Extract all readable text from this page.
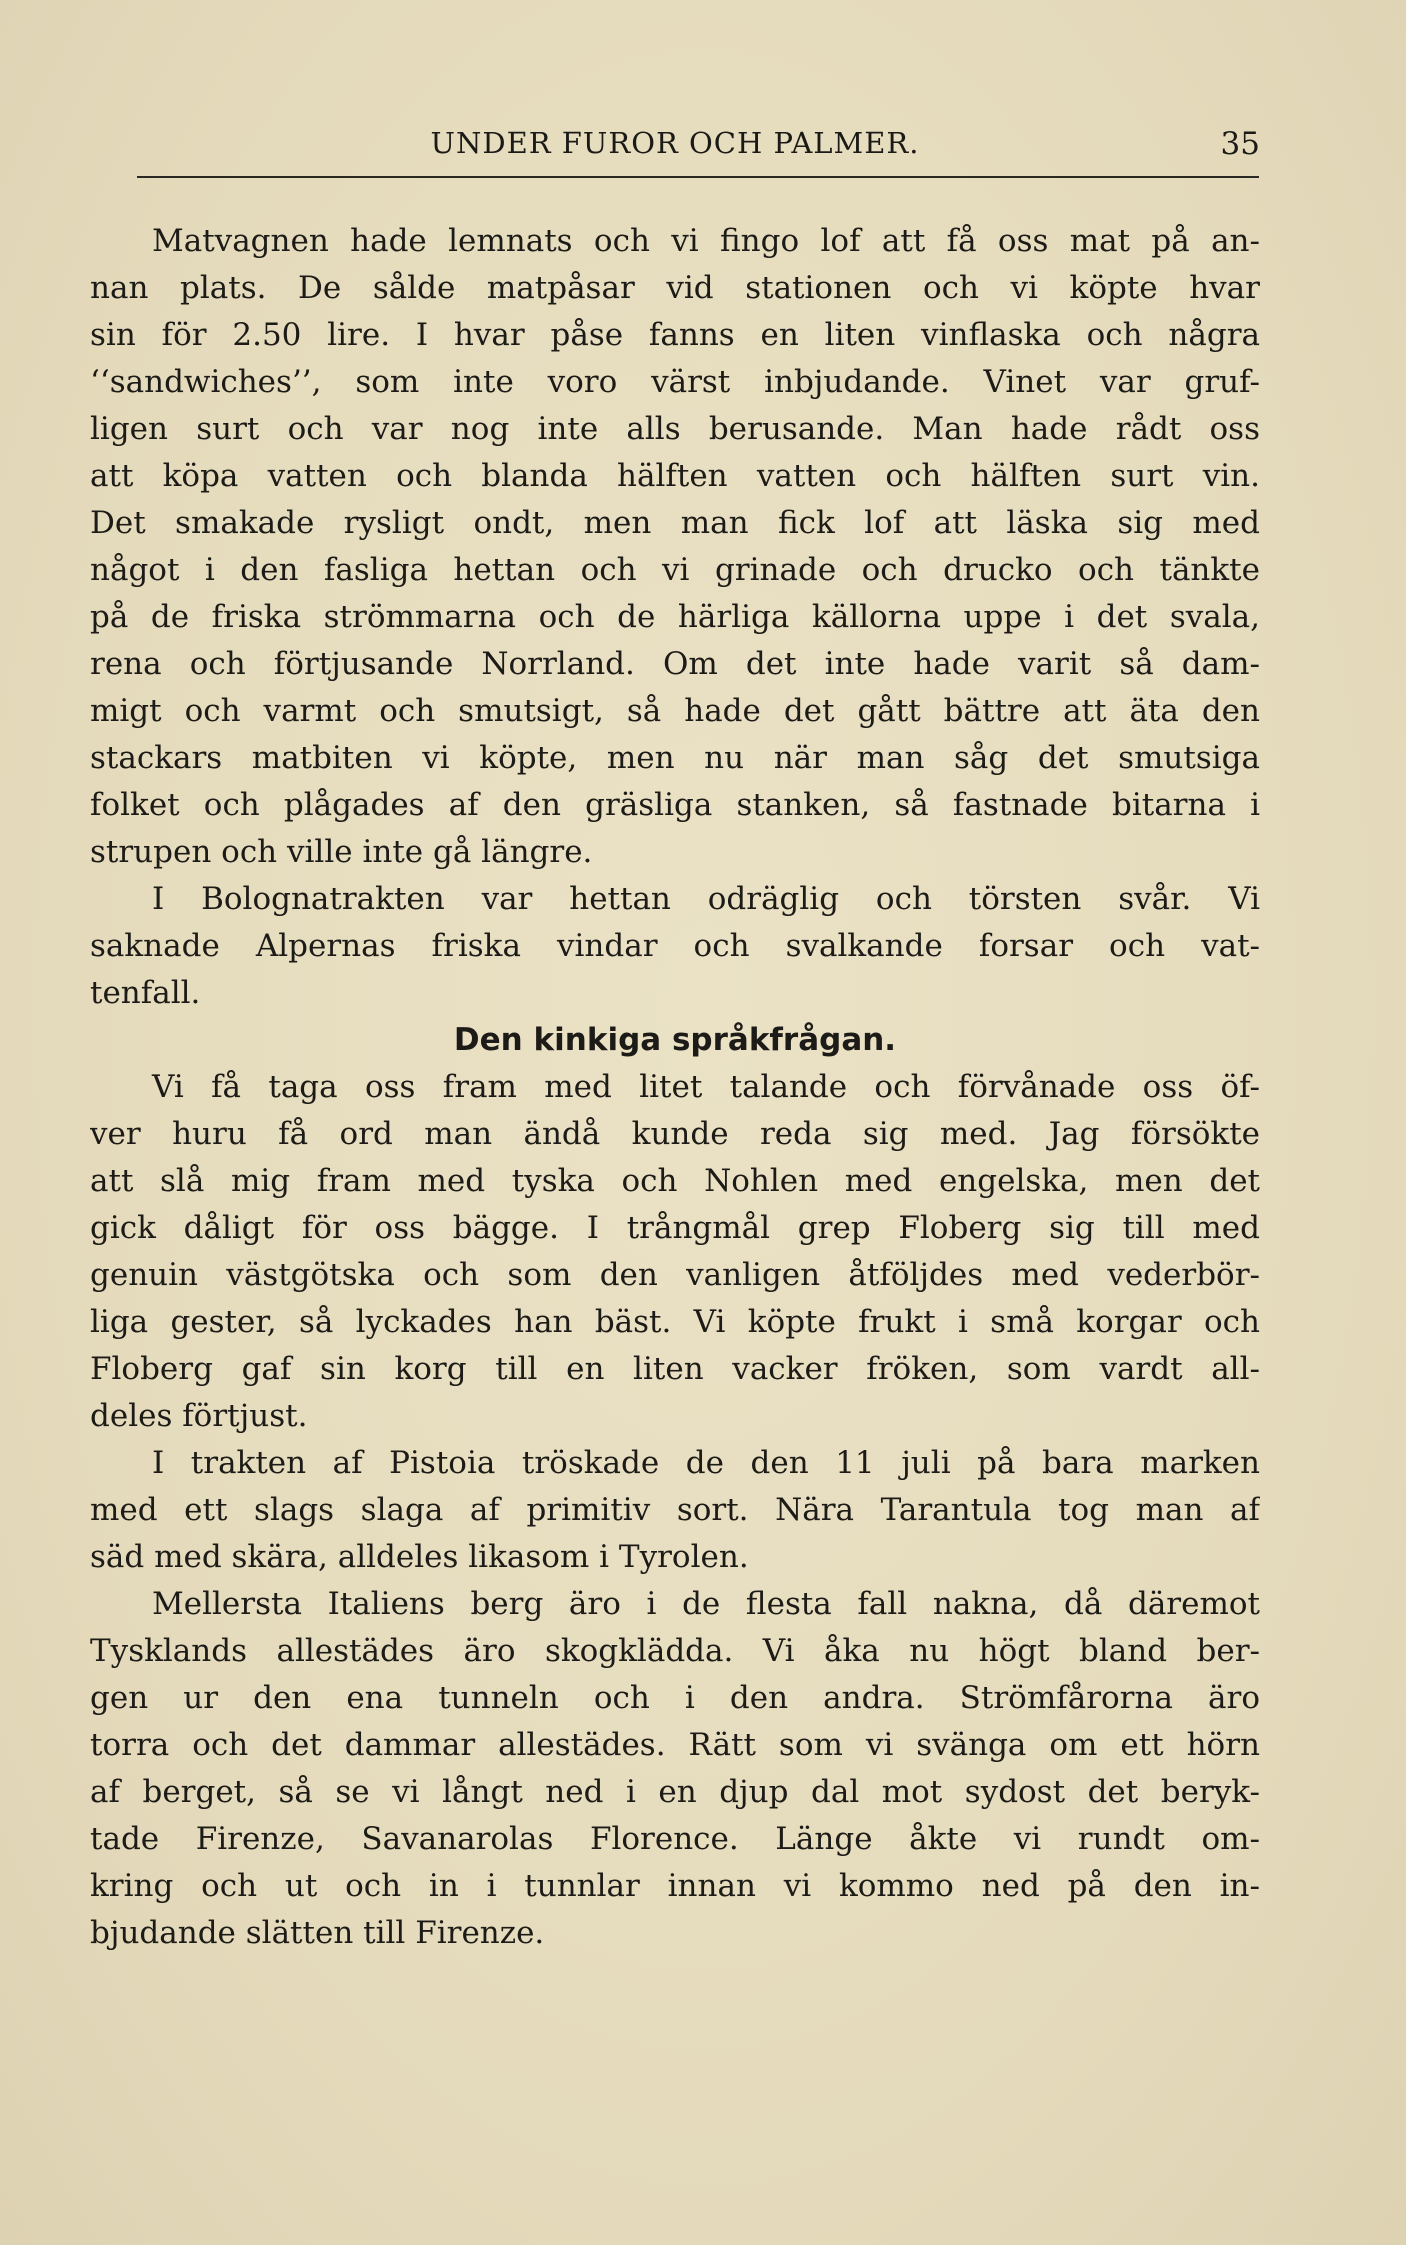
UNDER FUROR OCH PALMER.	35
Matvagnen hade lemnats och vi fingo lof att få oss mat på an-
nan plats. De sålde matpåsar vid stationen och vi köpte hvar
sin för 2.50 lire. I hvar påse fanns en liten vinflaska och några
‘‘sandwiches’’, som inte voro värst inbjudande. Vinet var gruf-
ligen surt och var nog inte alls berusande. Man hade rådt oss
att köpa vatten och blanda hälften vatten och hälften surt vin.
Det smakade rysligt ondt, men man fick lof att läska sig med
något i den fasliga hettan och vi grinade och drucko och tänkte
på de friska strömmarna och de härliga källorna uppe i det svala,
rena och förtjusande Norrland. Om det inte hade varit så dam-
migt och varmt och smutsigt, så hade det gått bättre att äta den
stackars matbiten vi köpte, men nu när man såg det smutsiga
folket och plågades af den gräsliga stanken, så fastnade bitarna i
strupen och ville inte gå längre.
I Bolognatrakten var hettan odräglig och törsten svår. Vi
saknade Alpernas friska vindar och svalkande forsar och vat-
tenfall.
Den kinkiga språkfrågan.
Vi få taga oss fram med litet talande och förvånade oss öf-
ver huru få ord man ändå kunde reda sig med. Jag försökte
att slå mig fram med tyska och Nohlen med engelska, men det
gick dåligt för oss bägge. I trångmål grep Floberg sig till med
genuin västgötska och som den vanligen åtföljdes med vederbör-
liga gester, så lyckades han bäst. Vi köpte frukt i små korgar och
Floberg gaf sin korg till en liten vacker fröken, som vardt all-
deles förtjust.
I trakten af Pistoia tröskade de den 11 juli på bara marken
med ett slags slaga af primitiv sort. Nära Tarantula tog man af
säd med skära, alldeles likasom i Tyrolen.
Mellersta Italiens berg äro i de flesta fall nakna, då däremot
Tysklands allestädes äro skogklädda. Vi åka nu högt bland ber-
gen ur den ena tunneln och i den andra. Strömfårorna äro
torra och det dammar allestädes. Rätt som vi svänga om ett hörn
af berget, så se vi långt ned i en djup dal mot sydost det beryk-
tade Firenze, Savanarolas Florence. Länge åkte vi rundt om-
kring och ut och in i tunnlar innan vi kommo ned på den in-
bjudande slätten till Firenze.
